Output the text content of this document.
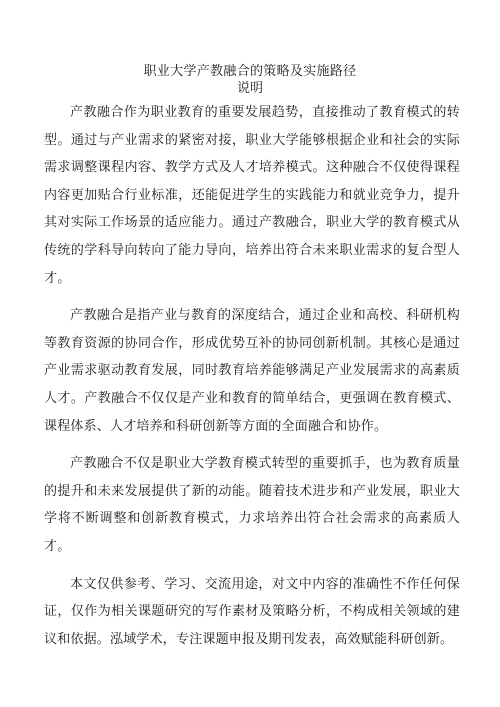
职业大学产教融合的策略及实施路径
说明

产教融合作为职业教育的重要发展趋势，直接推动了教育模式的转型。通过与产业需求的紧密对接，职业大学能够根据企业和社会的实际需求调整课程内容、教学方式及人才培养模式。这种融合不仅使得课程内容更加贴合行业标准，还能促进学生的实践能力和就业竞争力，提升其对实际工作场景的适应能力。通过产教融合，职业大学的教育模式从传统的学科导向转向了能力导向，培养出符合未来职业需求的复合型人才。

产教融合是指产业与教育的深度结合，通过企业和高校、科研机构等教育资源的协同合作，形成优势互补的协同创新机制。其核心是通过产业需求驱动教育发展，同时教育培养能够满足产业发展需求的高素质人才。产教融合不仅仅是产业和教育的简单结合，更强调在教育模式、课程体系、人才培养和科研创新等方面的全面融合和协作。

产教融合不仅是职业大学教育模式转型的重要抓手，也为教育质量的提升和未来发展提供了新的动能。随着技术进步和产业发展，职业大学将不断调整和创新教育模式，力求培养出符合社会需求的高素质人才。

本文仅供参考、学习、交流用途，对文中内容的准确性不作任何保证，仅作为相关课题研究的写作素材及策略分析，不构成相关领域的建议和依据。泓域学术，专注课题申报及期刊发表，高效赋能科研创新。
